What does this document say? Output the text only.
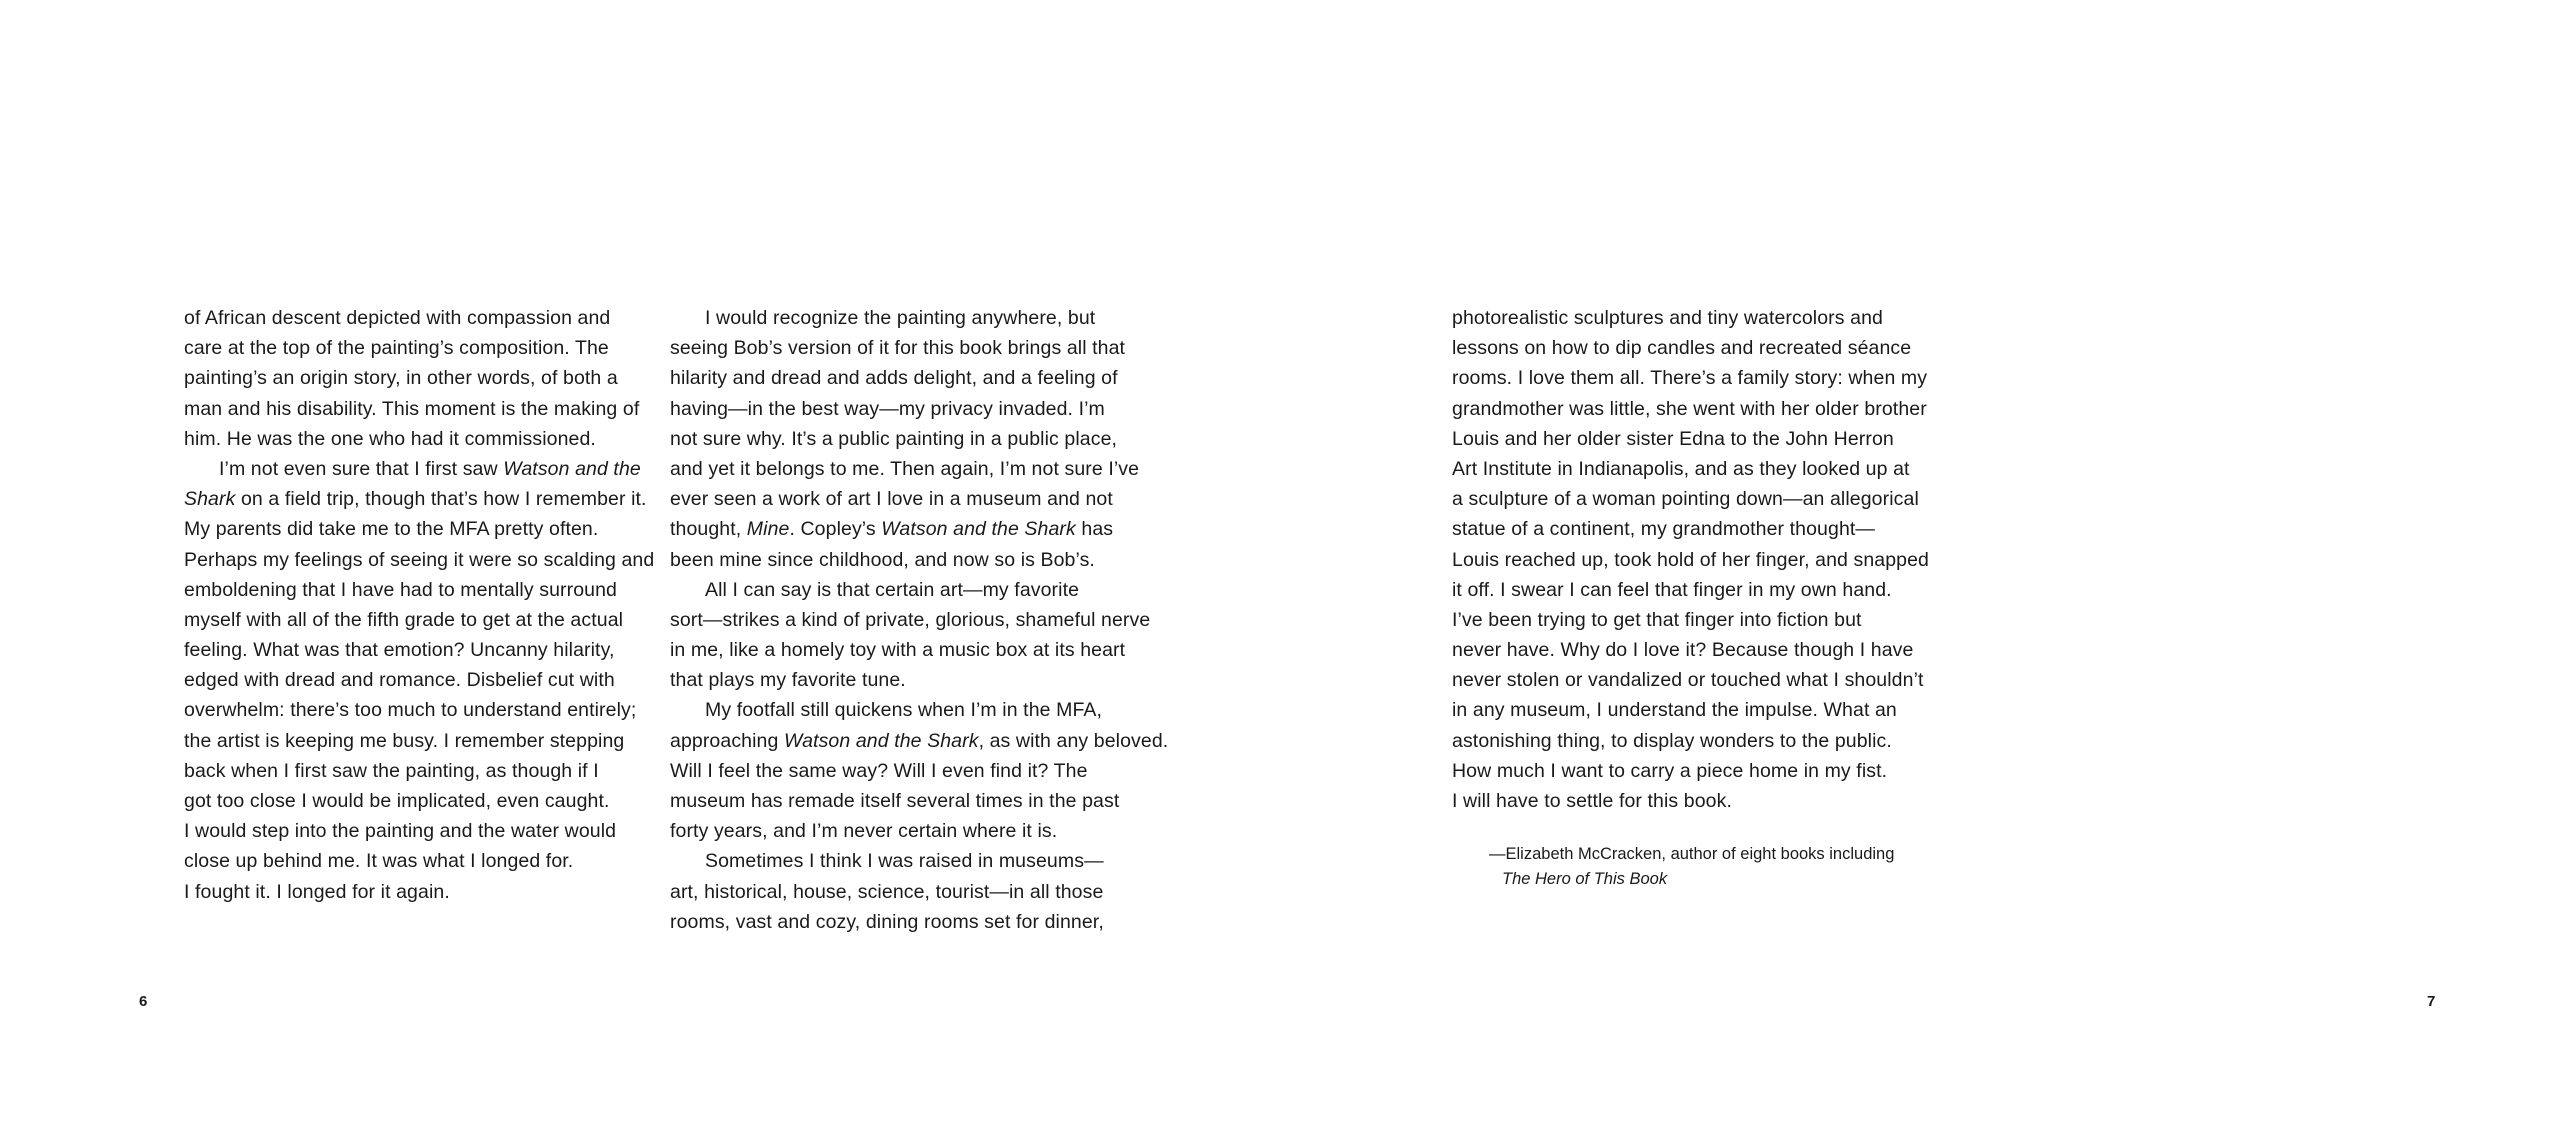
of African descent depicted with compassion and
care at the top of the painting’s composition. The
painting’s an origin story, in other words, of both a
man and his disability. This moment is the making of
him. He was the one who had it commissioned.
I’m not even sure that I first saw Watson and the
Shark on a field trip, though that’s how I remember it.
My parents did take me to the MFA pretty often.
Perhaps my feelings of seeing it were so scalding and
emboldening that I have had to mentally surround
myself with all of the fifth grade to get at the actual
feeling. What was that emotion? Uncanny hilarity,
edged with dread and romance. Disbelief cut with
overwhelm: there’s too much to understand entirely;
the artist is keeping me busy. I remember stepping
back when I first saw the painting, as though if I
got too close I would be implicated, even caught.
I would step into the painting and the water would
close up behind me. It was what I longed for.
I fought it. I longed for it again.
I would recognize the painting anywhere, but
seeing Bob’s version of it for this book brings all that
hilarity and dread and adds delight, and a feeling of
having—in the best way—my privacy invaded. I’m
not sure why. It’s a public painting in a public place,
and yet it belongs to me. Then again, I’m not sure I’ve
ever seen a work of art I love in a museum and not
thought, Mine. Copley’s Watson and the Shark has
been mine since childhood, and now so is Bob’s.
All I can say is that certain art—my favorite
sort—strikes a kind of private, glorious, shameful nerve
in me, like a homely toy with a music box at its heart
that plays my favorite tune.
My footfall still quickens when I’m in the MFA,
approaching Watson and the Shark, as with any beloved.
Will I feel the same way? Will I even find it? The
museum has remade itself several times in the past
forty years, and I’m never certain where it is.
Sometimes I think I was raised in museums—
art, historical, house, science, tourist—in all those
rooms, vast and cozy, dining rooms set for dinner,
photorealistic sculptures and tiny watercolors and
lessons on how to dip candles and recreated séance
rooms. I love them all. There’s a family story: when my
grandmother was little, she went with her older brother
Louis and her older sister Edna to the John Herron
Art Institute in Indianapolis, and as they looked up at
a sculpture of a woman pointing down—an allegorical
statue of a continent, my grandmother thought—
Louis reached up, took hold of her finger, and snapped
it off. I swear I can feel that finger in my own hand.
I’ve been trying to get that finger into fiction but
never have. Why do I love it? Because though I have
never stolen or vandalized or touched what I shouldn’t
in any museum, I understand the impulse. What an
astonishing thing, to display wonders to the public.
How much I want to carry a piece home in my fist.
I will have to settle for this book.
—Elizabeth McCracken, author of eight books including
The Hero of This Book
6	7
